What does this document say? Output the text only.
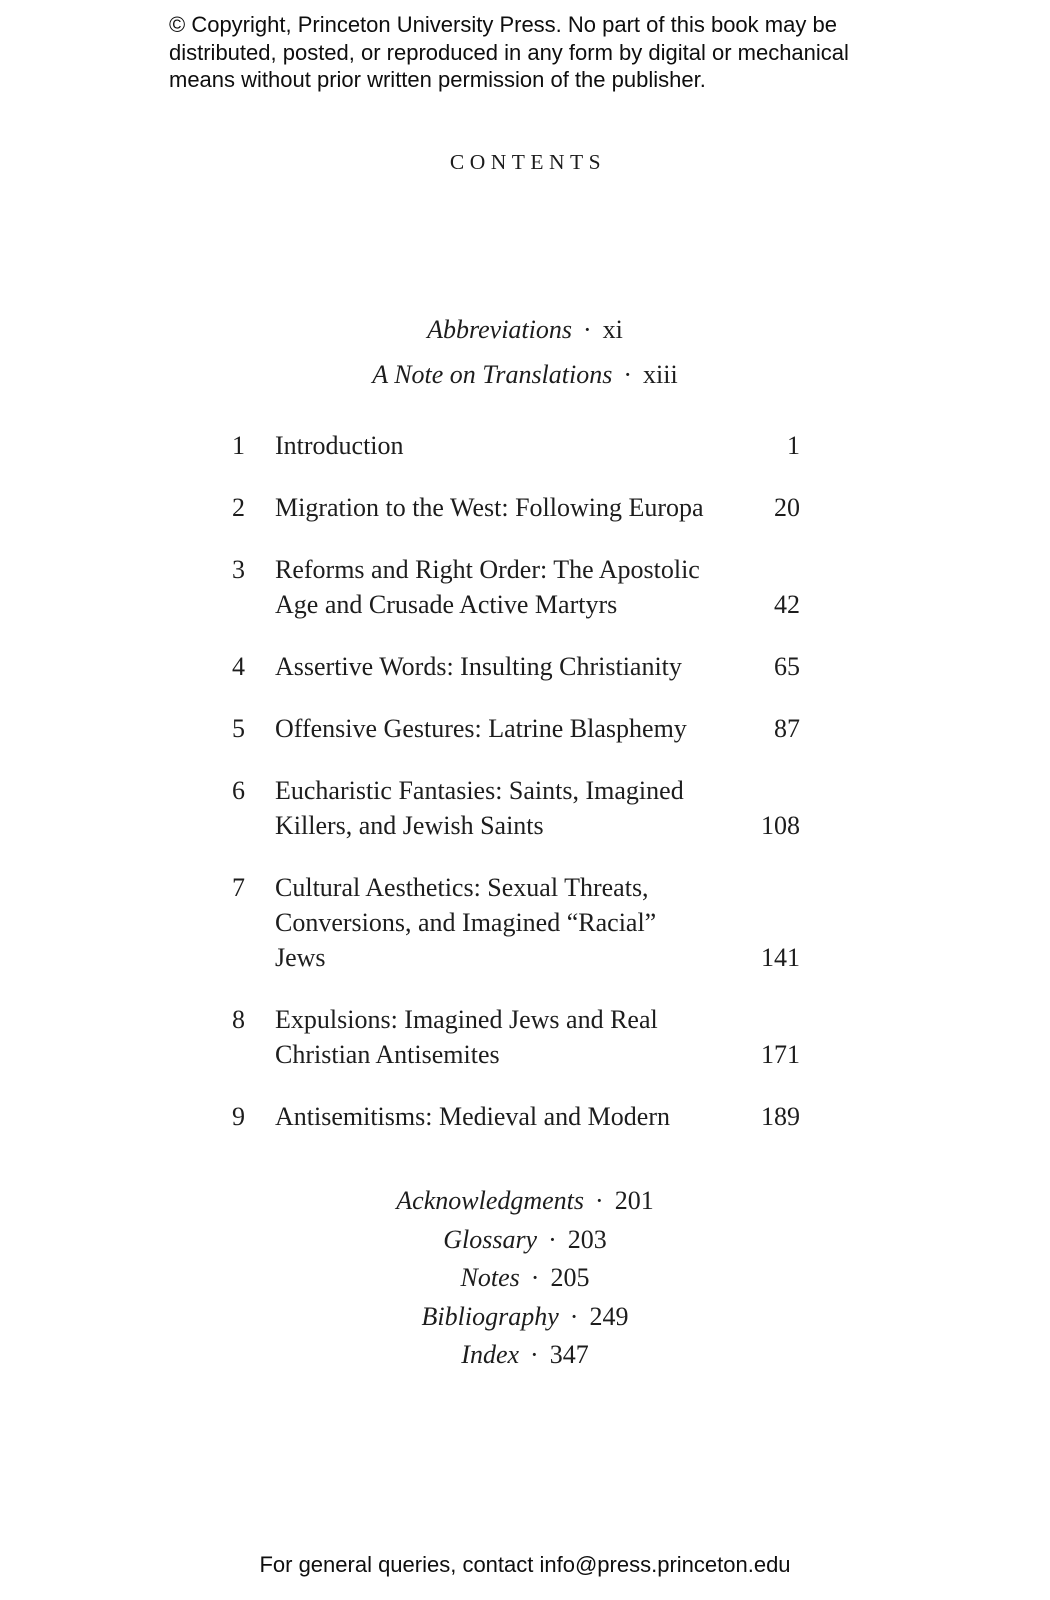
© Copyright, Princeton University Press. No part of this book may be distributed, posted, or reproduced in any form by digital or mechanical means without prior written permission of the publisher.
CONTENTS
Abbreviations · xi
A Note on Translations · xiii
1	Introduction	1
2	Migration to the West: Following Europa	20
3	Reforms and Right Order: The Apostolic
Age and Crusade Active Martyrs	42
4	Assertive Words: Insulting Christianity	65
5	Offensive Gestures: Latrine Blasphemy	87
6	Eucharistic Fantasies: Saints, Imagined
Killers, and Jewish Saints	108
7	Cultural Aesthetics: Sexual Threats,
Conversions, and Imagined “Racial”
Jews	141
8	Expulsions: Imagined Jews and Real
Christian Antisemites	171
9	Antisemitisms: Medieval and Modern	189
Acknowledgments · 201
Glossary · 203
Notes · 205
Bibliography · 249
Index · 347
For general queries, contact info@press.princeton.edu
